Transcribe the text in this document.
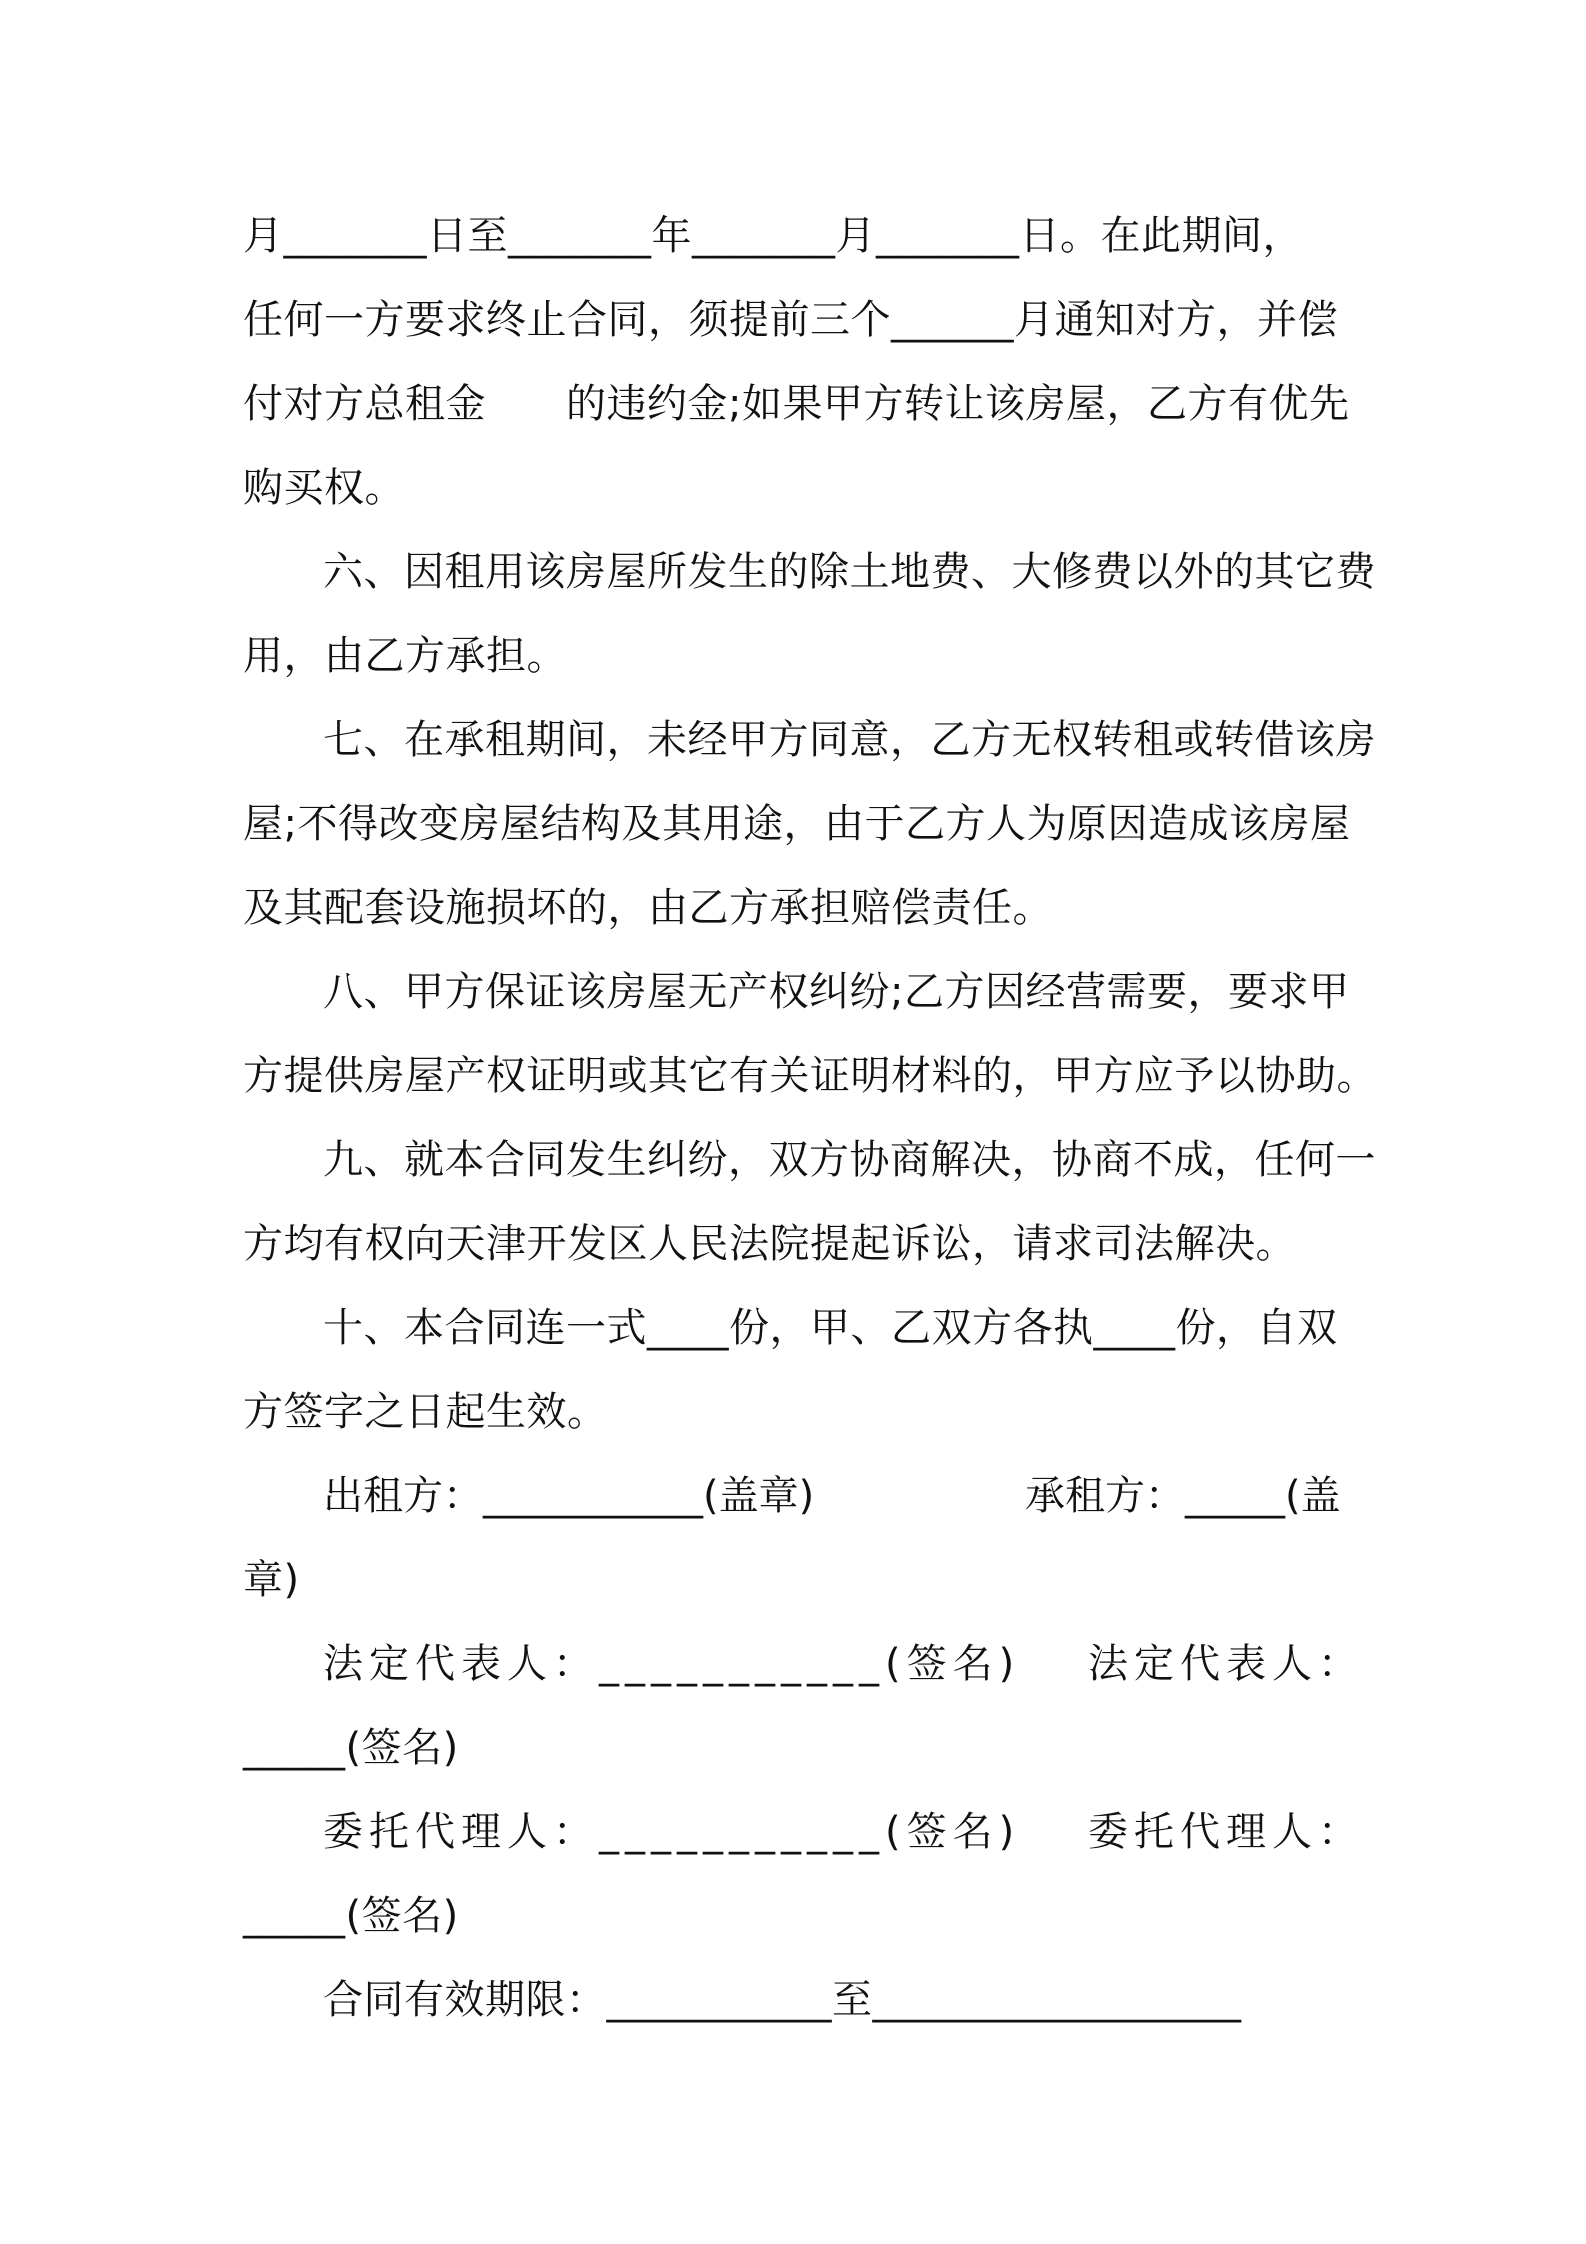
月_______日至_______年_______月_______日。在此期间，
任何一方要求终止合同，须提前三个______月通知对方，并偿
付对方总租金 的违约金;如果甲方转让该房屋，乙方有优先
购买权。
六、因租用该房屋所发生的除土地费、大修费以外的其它费
用，由乙方承担。
七、在承租期间，未经甲方同意，乙方无权转租或转借该房
屋;不得改变房屋结构及其用途，由于乙方人为原因造成该房屋
及其配套设施损坏的，由乙方承担赔偿责任。
八、甲方保证该房屋无产权纠纷;乙方因经营需要，要求甲
方提供房屋产权证明或其它有关证明材料的，甲方应予以协助。
九、就本合同发生纠纷，双方协商解决，协商不成，任何一
方均有权向天津开发区人民法院提起诉讼，请求司法解决。
十、本合同连一式____份，甲、乙双方各执____份，自双
方签字之日起生效。
出租方：___________(盖章)	承租方：_____(盖
章)
法定代表人：___________(签名) 法定代表人：
_____(签名)
委托代理人：___________(签名) 委托代理人：
_____(签名)
合同有效期限：___________至__________________
